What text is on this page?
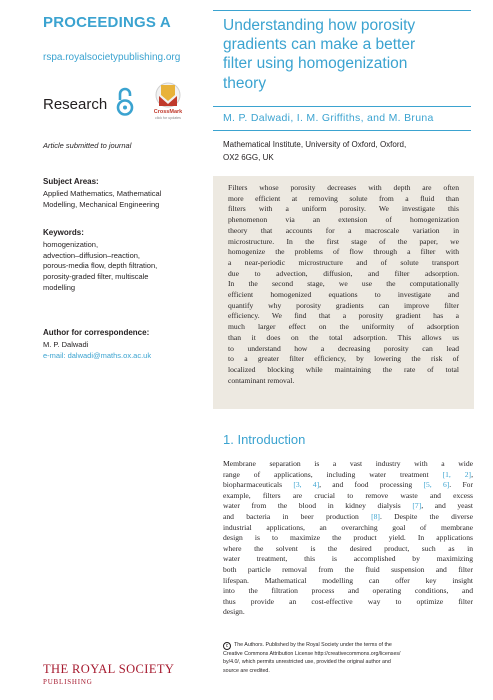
PROCEEDINGS A
rspa.royalsocietypublishing.org
Research	CrossMark
click for updates
Article submitted to journal
Subject Areas:
Applied Mathematics, Mathematical
Modelling, Mechanical Engineering
Keywords:
homogenization,
advection–diffusion–reaction,
porous-media flow, depth filtration,
porosity-graded filter, multiscale
modelling
Author for correspondence:
M. P. Dalwadi
e-mail: dalwadi@maths.ox.ac.uk
THE ROYAL SOCIETY
PUBLISHING
Understanding how porosity
gradients can make a better
filter using homogenization
theory
M. P. Dalwadi, I. M. Griffiths, and M. Bruna
Mathematical Institute, University of Oxford, Oxford,
OX2 6GG, UK

Filters whose porosity decreases with depth are often
more efficient at removing solute from a fluid than
filters with a uniform porosity. We investigate this
phenomenon via an extension of homogenization
theory that accounts for a macroscale variation in
microstructure. In the first stage of the paper, we
homogenize the problems of flow through a filter with
a near-periodic microstructure and of solute transport
due to advection, diffusion, and filter adsorption.
In the second stage, we use the computationally
efficient homogenized equations to investigate and
quantify why porosity gradients can improve filter
efficiency. We find that a porosity gradient has a
much larger effect on the uniformity of adsorption
than it does on the total adsorption. This allows us
to understand how a decreasing porosity can lead
to a greater filter efficiency, by lowering the risk of
localized blocking while maintaining the rate of total
contaminant removal.

1. Introduction
Membrane separation is a vast industry with a wide
range of applications, including water treatment [1, 2],
biopharmaceuticals [3, 4], and food processing [5, 6]. For
example, filters are crucial to remove waste and excess
water from the blood in kidney dialysis [7], and yeast
and bacteria in beer production [8]. Despite the diverse
industrial applications, an overarching goal of membrane
design is to maximize the product yield. In applications
where the solvent is the desired product, such as in
water treatment, this is accomplished by maximizing
both particle removal from the fluid suspension and filter
lifespan. Mathematical modelling can offer key insight
into the filtration process and operating conditions, and
thus provide an cost-effective way to optimize filter
design.
c The Authors. Published by the Royal Society under the terms of the
Creative Commons Attribution License http://creativecommons.org/licenses/
by/4.0/, which permits unrestricted use, provided the original author and
source are credited.
